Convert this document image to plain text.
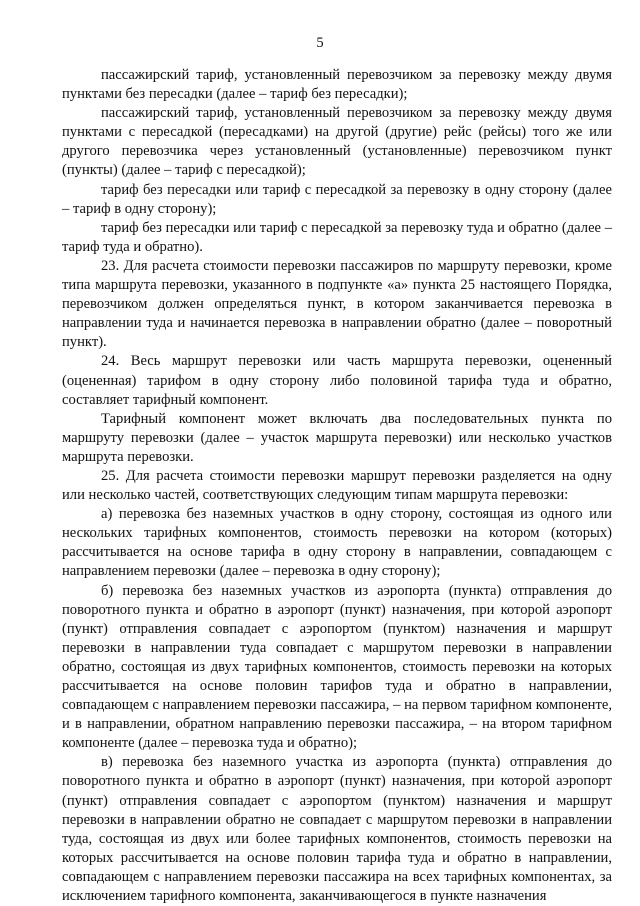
5

пассажирский тариф, установленный перевозчиком за перевозку между двумя пунктами без пересадки (далее – тариф без пересадки);

пассажирский тариф, установленный перевозчиком за перевозку между двумя пунктами с пересадкой (пересадками) на другой (другие) рейс (рейсы) того же или другого перевозчика через установленный (установленные) перевозчиком пункт (пункты) (далее – тариф с пересадкой);

тариф без пересадки или тариф с пересадкой за перевозку в одну сторону (далее – тариф в одну сторону);

тариф без пересадки или тариф с пересадкой за перевозку туда и обратно (далее – тариф туда и обратно).

23. Для расчета стоимости перевозки пассажиров по маршруту перевозки, кроме типа маршрута перевозки, указанного в подпункте «а» пункта 25 настоящего Порядка, перевозчиком должен определяться пункт, в котором заканчивается перевозка в направлении туда и начинается перевозка в направлении обратно (далее – поворотный пункт).

24. Весь маршрут перевозки или часть маршрута перевозки, оцененный (оцененная) тарифом в одну сторону либо половиной тарифа туда и обратно, составляет тарифный компонент.

Тарифный компонент может включать два последовательных пункта по маршруту перевозки (далее – участок маршрута перевозки) или несколько участков маршрута перевозки.

25. Для расчета стоимости перевозки маршрут перевозки разделяется на одну или несколько частей, соответствующих следующим типам маршрута перевозки:

а) перевозка без наземных участков в одну сторону, состоящая из одного или нескольких тарифных компонентов, стоимость перевозки на котором (которых) рассчитывается на основе тарифа в одну сторону в направлении, совпадающем с направлением перевозки (далее – перевозка в одну сторону);

б) перевозка без наземных участков из аэропорта (пункта) отправления до поворотного пункта и обратно в аэропорт (пункт) назначения, при которой аэропорт (пункт) отправления совпадает с аэропортом (пунктом) назначения и маршрут перевозки в направлении туда совпадает с маршрутом перевозки в направлении обратно, состоящая из двух тарифных компонентов, стоимость перевозки на которых рассчитывается на основе половин тарифов туда и обратно в направлении, совпадающем с направлением перевозки пассажира, – на первом тарифном компоненте, и в направлении, обратном направлению перевозки пассажира, – на втором тарифном компоненте (далее – перевозка туда и обратно);

в) перевозка без наземного участка из аэропорта (пункта) отправления до поворотного пункта и обратно в аэропорт (пункт) назначения, при которой аэропорт (пункт) отправления совпадает с аэропортом (пунктом) назначения и маршрут перевозки в направлении обратно не совпадает с маршрутом перевозки в направлении туда, состоящая из двух или более тарифных компонентов, стоимость перевозки на которых рассчитывается на основе половин тарифа туда и обратно в направлении, совпадающем с направлением перевозки пассажира на всех тарифных компонентах, за исключением тарифного компонента, заканчивающегося в пункте назначения
